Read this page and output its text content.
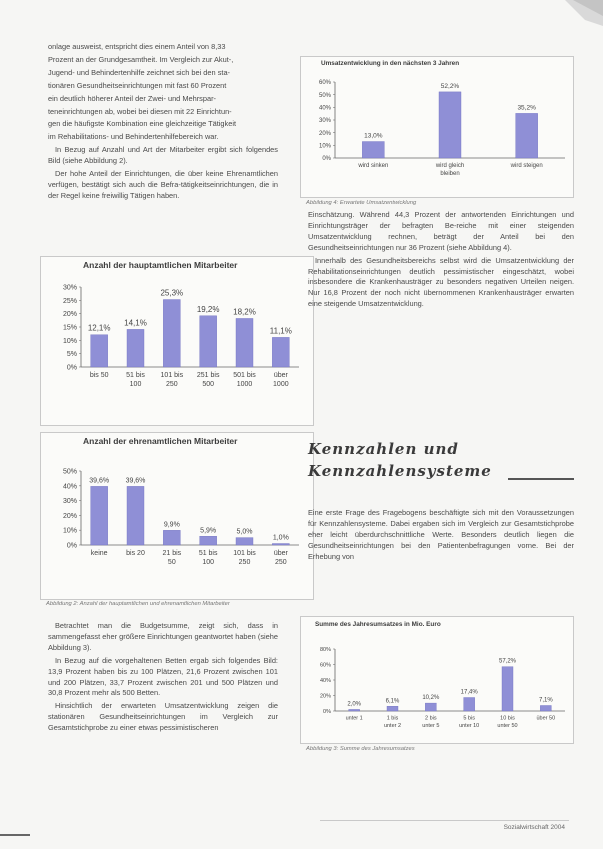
onlage ausweist, entspricht dies einem Anteil von 8,33

Prozent an der Grundgesamtheit. Im Vergleich zur Akut-,

Jugend- und Behindertenhilfe zeichnet sich bei den sta-

tionären Gesundheitseinrichtungen mit fast 60 Prozent

ein deutlich höherer Anteil der Zwei- und Mehrspar-

teneinrichtungen ab, wobei bei diesen mit 22 Einrichtun-

gen die häufigste Kombination eine gleichzeitige Tätigkeit

im Rehabilitations- und Behindertenhilfebereich war.

In Bezug auf Anzahl und Art der Mitarbeiter ergibt sich folgendes Bild (siehe Abbildung 2).

Der hohe Anteil der Einrichtungen, die über keine Ehrenamtlichen verfügen, bestätigt sich auch die Befra-tätigkeitseinrichtungen, die in der Regel keine freiwillig Tätigen haben.

Anzahl der hauptamtlichen Mitarbeiter
0%
5%
10%
15%
20%
25%
30%
12,1%
bis 50
14,1%
51 bis
100
25,3%
101 bis
250
19,2%
251 bis
500
18,2%
501 bis
1000
11,1%
über
1000
Anzahl der ehrenamtlichen Mitarbeiter
0%
10%
20%
30%
40%
50%
39,6%
keine
39,6%
bis 20
9,9%
21 bis
50
5,9%
51 bis
100
5,0%
101 bis
250
1,0%
über
250
Abbildung 2: Anzahl der hauptamtlichen und ehrenamtlichen Mitarbeiter

Betrachtet man die Budgetsumme, zeigt sich, dass in sammengefasst eher größere Einrichtungen geantwortet haben (siehe Abbildung 3).

In Bezug auf die vorgehaltenen Betten ergab sich folgendes Bild: 13,9 Prozent haben bis zu 100 Plätzen, 21,6 Prozent zwischen 101 und 200 Plätzen, 33,7 Prozent zwischen 201 und 500 Plätzen und 30,8 Prozent mehr als 500 Betten.

Hinsichtlich der erwarteten Umsatzentwicklung zeigen die stationären Gesundheitseinrichtungen im Vergleich zur Gesamtstichprobe zu einer etwas pessimistischeren

Umsatzentwicklung in den nächsten 3 Jahren
0%
10%
20%
30%
40%
50%
60%
13,0%
wird sinken
52,2%
wird gleich
bleiben
35,2%
wird steigen
Abbildung 4: Erwartete Umsatzentwicklung

Einschätzung. Während 44,3 Prozent der antwortenden Einrichtungen und Einrichtungsträger der befragten Be-reiche mit einer steigenden Umsatzentwicklung rechnen, beträgt der Anteil bei den Gesundheitseinrichtungen nur 36 Prozent (siehe Abbildung 4).

Innerhalb des Gesundheitsbereichs selbst wird die Umsatzentwicklung der Rehabilitationseinrichtungen deutlich pessimistischer eingeschätzt, wobei insbesondere die Krankenhausträger zu besonders negativen Urteilen neigen. Nur 16,8 Prozent der noch nicht übernommenen Krankenhausträger erwarten eine steigende Umsatzentwicklung.

Kennzahlen und
Kennzahlensysteme

Eine erste Frage des Fragebogens beschäftigte sich mit den Voraussetzungen für Kennzahlensysteme. Dabei ergaben sich im Vergleich zur Gesamtstichprobe eher leicht überdurchschnittliche Werte. Besonders deutlich liegen die Gesundheitseinrichtungen bei den Patientenbefragungen vorne. Bei der Erhebung von

Summe des Jahresumsatzes in Mio. Euro
0%
20%
40%
60%
80%
2,0%
unter 1
6,1%
1 bis
unter 2
10,2%
2 bis
unter 5
17,4%
5 bis
unter 10
57,2%
10 bis
unter 50
7,1%
über 50
Abbildung 3: Summe des Jahresumsatzes
Sozialwirtschaft 2004
